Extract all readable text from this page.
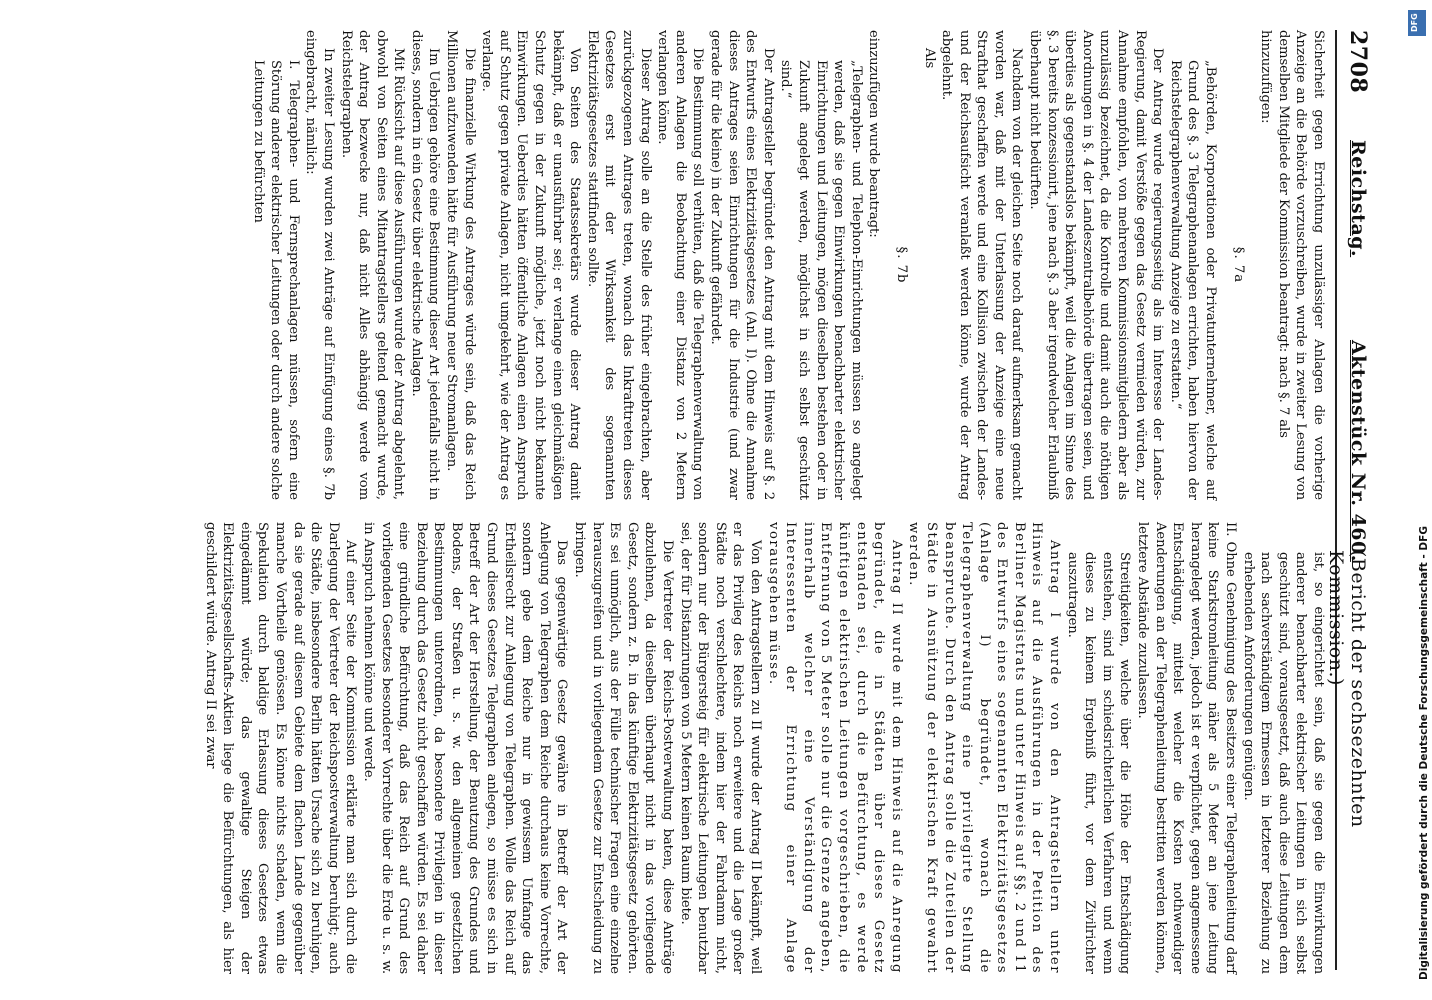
2708
Reichstag.
Aktenstück Nr. 460.
(Bericht der sechsezehnten Kommission.)

Sicherheit gegen Errichtung unzulässiger Anlagen die vorherige Anzeige an die Behörde vorzuschreiben, wurde in zweiter Lesung von demselben Mitgliede der Kommission beantragt: nach §. 7 als

hinzuzufügen:

§. 7a

„Behörden, Korporationen oder Privatunternehmer, welche auf Grund des §. 3 Telegraphenanlagen errichten, haben hiervon der Reichstelegraphenverwaltung Anzeige zu erstatten.“

Der Antrag wurde regierungsseitig als im Interesse der Landes-Regierung, damit Verstöße gegen das Gesetz vermieden würden, zur Annahme empfohlen, von mehreren Kommissionsmitgliedern aber als unzulässig bezeichnet, da die Kontrolle und damit auch die nöthigen Anordnungen in §. 4 der Landeszentralbehörde übertragen seien, und überdies als gegenstandslos bekämpft, weil die Anlagen im Sinne des §. 3 bereits konzessionirt, jene nach §. 3 aber irgendwelcher Erlaubniß überhaupt nicht bedürften.

Nachdem von der gleichen Seite noch darauf aufmerksam gemacht worden war, daß mit der Unterlassung der Anzeige eine neue Strafthat geschaffen werde und eine Kollision zwischen der Landes- und der Reichsaufsicht veranlaßt werden könne, wurde der Antrag abgelehnt.

Als

§. 7b

einzuzufügen wurde beantragt:

„Telegraphen- und Telephon-Einrichtungen müssen so angelegt werden, daß sie gegen Einwirkungen benachbarter elektrischer Einrichtungen und Leitungen, mögen dieselben bestehen oder in Zukunft angelegt werden, möglichst in sich selbst geschützt sind.“

Der Antragsteller begründet den Antrag mit dem Hinweis auf §. 2 des Entwurfs eines Elektrizitätsgesetzes (Anl. I). Ohne die Annahme dieses Antrages seien Einrichtungen für die Industrie (und zwar gerade für die kleine) in der Zukunft gefährdet.

Die Bestimmung soll verhüten, daß die Telegraphenverwaltung von anderen Anlagen die Beobachtung einer Distanz von 2 Metern verlangen könne.

Dieser Antrag solle an die Stelle des früher eingebrachten, aber zurückgezogenen Antrages treten, wonach das Inkrafttreten dieses Gesetzes erst mit der Wirksamkeit des sogenannten Elektrizitätsgesetzes stattfinden sollte.

Von Seiten des Staatssekretärs wurde dieser Antrag damit bekämpft, daß er unausführbar sei; er verlange einen gleichmäßigen Schutz gegen in der Zukunft mögliche, jetzt noch nicht bekannte Einwirkungen. Ueberdies hätten öffentliche Anlagen einen Anspruch auf Schutz gegen private Anlagen, nicht umgekehrt, wie der Antrag es verlange.

Die finanzielle Wirkung des Antrages würde sein, daß das Reich Millionen aufzuwenden hätte für Ausführung neuer Stromanlagen.

Im Uebrigen gehöre eine Bestimmung dieser Art jedenfalls nicht in dieses, sondern in ein Gesetz über elektrische Anlagen.

Mit Rücksicht auf diese Ausführungen wurde der Antrag abgelehnt, obwohl von Seiten eines Mitantragstellers geltend gemacht wurde, der Antrag bezwecke nur, daß nicht Alles abhängig werde vom Reichstelegraphen.

In zweiter Lesung wurden zwei Anträge auf Einfügung eines §. 7b eingebracht, nämlich:

I. Telegraphen- und Fernsprechanlagen müssen, sofern eine Störung anderer elektrischer Leitungen oder durch andere solche Leitungen zu befürchten

ist, so eingerichtet sein, daß sie gegen die Einwirkungen anderer benachbarter elektrischer Leitungen in sich selbst geschützt sind, vorausgesetzt, daß auch diese Leitungen dem nach sachverständigem Ermessen in letzterer Beziehung zu erhebenden Anforderungen genügen.

II. Ohne Genehmigung des Besitzers einer Telegraphenleitung darf keine Starkstromleitung näher als 5 Meter an jene Leitung herangelegt werden, jedoch ist er verpflichtet, gegen angemessene Entschädigung, mittelst welcher die Kosten nothwendiger Aenderungen an der Telegraphenleitung bestritten werden können, letztere Abstände zuzulassen.

Streitigkeiten, welche über die Höhe der Entschädigung entstehen, sind im schiedsrichterlichen Verfahren und wenn dieses zu keinem Ergebniß führt, vor dem Zivilrichter auszutragen.

Antrag I wurde von den Antragstellern unter Hinweis auf die Ausführungen in der Petition des Berliner Magistrats und unter Hinweis auf §§. 2 und 11 des Entwurfs eines sogenannten Elektrizitätsgesetzes (Anlage I) begründet, wonach die Telegraphenverwaltung eine privilegirte Stellung beanspruche. Durch den Antrag solle die Zuteilen der Städte in Ausnützung der elektrischen Kraft gewahrt werden.

Antrag II wurde mit dem Hinweis auf die Anregung begründet, die in Städten über dieses Gesetz entstanden sei, durch die Befürchtung, es werde künftigen elektrischen Leitungen vorgeschrieben, die Entfernung von 5 Meter solle nur die Grenze angeben, innerhalb welcher eine Verständigung der Interessenten der Errichtung einer Anlage vorausgehen müsse.

Von den Antragstellern zu II wurde der Antrag II bekämpft, weil er das Privileg des Reichs noch erweitere und die Lage großer Städte noch verschlechtere, indem hier der Fahrdamm nicht, sondern nur der Bürgersteig für elektrische Leitungen benutzbar sei, der für Distanzirungen von 5 Metern keinen Raum biete.

Die Vertreter der Reichs-Postverwaltung baten, diese Anträge abzulehnen, da dieselben überhaupt nicht in das vorliegende Gesetz, sondern z. B. in das künftige Elektrizitätsgesetz gehörten. Es sei unmöglich, aus der Fülle technischer Fragen eine einzelne herauszugreifen und in vorliegendem Gesetze zur Entscheidung zu bringen.

Das gegenwärtige Gesetz gewähre in Betreff der Art der Anlegung von Telegraphen dem Reiche durchaus keine Vorrechte, sondern gebe dem Reiche nur in gewissem Umfange das Ertheilsrecht zur Anlegung von Telegraphen. Wolle das Reich auf Grund dieses Gesetzes Telegraphen anlegen, so müsse es sich in Betreff der Art der Herstellung, der Benutzung des Grundes und Bodens, der Straßen u. s. w. den allgemeinen gesetzlichen Bestimmungen unterordnen, da besondere Privilegien in dieser Beziehung durch das Gesetz nicht geschaffen würden. Es sei daher eine gründliche Befürchtung, daß das Reich auf Grund des vorliegenden Gesetzes besonderer Vorrechte über die Erde u. s. w. in Anspruch nehmen könne und werde.

Auf einer Seite der Kommission erklärte man sich durch die Darlegung der Vertreter der Reichspostverwaltung beruhigt; auch die Städte, insbesondere Berlin hätten Ursache sich zu beruhigen, da sie gerade auf diesem Gebiete dem flachen Lande gegenüber manche Vortheile genössen. Es könne nichts schaden, wenn die Spekulation durch baldige Erlassung dieses Gesetzes etwas eingedämmt würde; das gewaltige Steigen der Elektrizitätsgesellschafts-Aktien liege die Befürchtungen, als hier geschildert würde. Antrag II sei zwar	Digitalisierung gefördert durch die Deutsche Forschungsgemeinschaft - DFG
DFG
